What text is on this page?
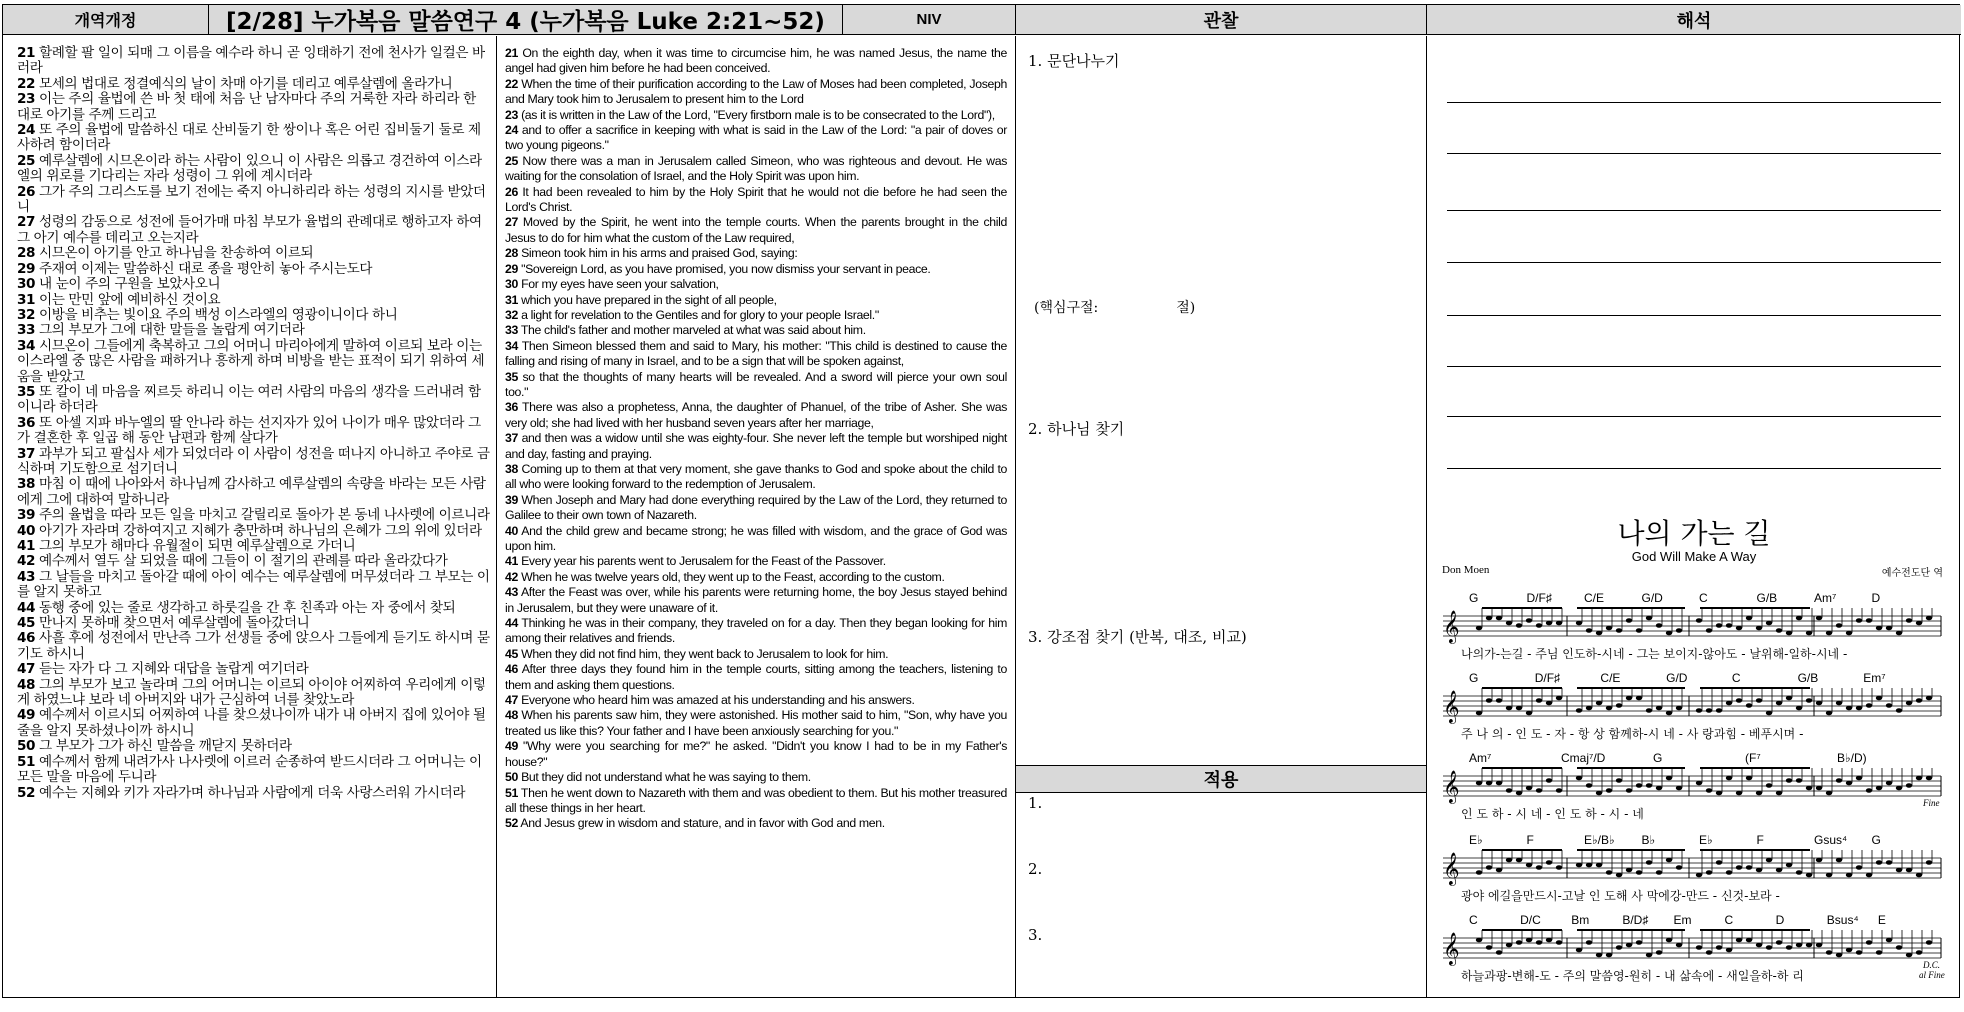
개역개정	[2/28] 누가복음 말씀연구 4 (누가복음 Luke 2:21~52)	NIV	관찰	해석
21 할례할 팔 일이 되매 그 이름을 예수라 하니 곧 잉태하기 전에 천사가 일컬은 바러라
22 모세의 법대로 정결예식의 날이 차매 아기를 데리고 예루살렘에 올라가니
23 이는 주의 율법에 쓴 바 첫 태에 처음 난 남자마다 주의 거룩한 자라 하리라 한 대로 아기를 주께 드리고
24 또 주의 율법에 말씀하신 대로 산비둘기 한 쌍이나 혹은 어린 집비둘기 둘로 제사하려 함이더라
25 예루살렘에 시므온이라 하는 사람이 있으니 이 사람은 의롭고 경건하여 이스라엘의 위로를 기다리는 자라 성령이 그 위에 계시더라
26 그가 주의 그리스도를 보기 전에는 죽지 아니하리라 하는 성령의 지시를 받았더니
27 성령의 감동으로 성전에 들어가매 마침 부모가 율법의 관례대로 행하고자 하여 그 아기 예수를 데리고 오는지라
28 시므온이 아기를 안고 하나님을 찬송하여 이르되
29 주재여 이제는 말씀하신 대로 종을 평안히 놓아 주시는도다
30 내 눈이 주의 구원을 보았사오니
31 이는 만민 앞에 예비하신 것이요
32 이방을 비추는 빛이요 주의 백성 이스라엘의 영광이니이다 하니
33 그의 부모가 그에 대한 말들을 놀랍게 여기더라
34 시므온이 그들에게 축복하고 그의 어머니 마리아에게 말하여 이르되 보라 이는 이스라엘 중 많은 사람을 패하거나 흥하게 하며 비방을 받는 표적이 되기 위하여 세움을 받았고
35 또 칼이 네 마음을 찌르듯 하리니 이는 여러 사람의 마음의 생각을 드러내려 함이니라 하더라
36 또 아셀 지파 바누엘의 딸 안나라 하는 선지자가 있어 나이가 매우 많았더라 그가 결혼한 후 일곱 해 동안 남편과 함께 살다가
37 과부가 되고 팔십사 세가 되었더라 이 사람이 성전을 떠나지 아니하고 주야로 금식하며 기도함으로 섬기더니
38 마침 이 때에 나아와서 하나님께 감사하고 예루살렘의 속량을 바라는 모든 사람에게 그에 대하여 말하니라
39 주의 율법을 따라 모든 일을 마치고 갈릴리로 돌아가 본 동네 나사렛에 이르니라
40 아기가 자라며 강하여지고 지혜가 충만하며 하나님의 은혜가 그의 위에 있더라
41 그의 부모가 해마다 유월절이 되면 예루살렘으로 가더니
42 예수께서 열두 살 되었을 때에 그들이 이 절기의 관례를 따라 올라갔다가
43 그 날들을 마치고 돌아갈 때에 아이 예수는 예루살렘에 머무셨더라 그 부모는 이를 알지 못하고
44 동행 중에 있는 줄로 생각하고 하룻길을 간 후 친족과 아는 자 중에서 찾되
45 만나지 못하매 찾으면서 예루살렘에 돌아갔더니
46 사흘 후에 성전에서 만난즉 그가 선생들 중에 앉으사 그들에게 듣기도 하시며 묻기도 하시니
47 듣는 자가 다 그 지혜와 대답을 놀랍게 여기더라
48 그의 부모가 보고 놀라며 그의 어머니는 이르되 아이야 어찌하여 우리에게 이렇게 하였느냐 보라 네 아버지와 내가 근심하여 너를 찾았노라
49 예수께서 이르시되 어찌하여 나를 찾으셨나이까 내가 내 아버지 집에 있어야 될 줄을 알지 못하셨나이까 하시니
50 그 부모가 그가 하신 말씀을 깨닫지 못하더라
51 예수께서 함께 내려가사 나사렛에 이르러 순종하여 받드시더라 그 어머니는 이 모든 말을 마음에 두니라
52 예수는 지혜와 키가 자라가며 하나님과 사람에게 더욱 사랑스러워 가시더라
21 On the eighth day, when it was time to circumcise him, he was named Jesus, the name the angel had given him before he had been conceived.
22 When the time of their purification according to the Law of Moses had been completed, Joseph and Mary took him to Jerusalem to present him to the Lord
23 (as it is written in the Law of the Lord, "Every firstborn male is to be consecrated to the Lord"),
24 and to offer a sacrifice in keeping with what is said in the Law of the Lord: "a pair of doves or two young pigeons."
25 Now there was a man in Jerusalem called Simeon, who was righteous and devout. He was waiting for the consolation of Israel, and the Holy Spirit was upon him.
26 It had been revealed to him by the Holy Spirit that he would not die before he had seen the Lord's Christ.
27 Moved by the Spirit, he went into the temple courts. When the parents brought in the child Jesus to do for him what the custom of the Law required,
28 Simeon took him in his arms and praised God, saying:
29 "Sovereign Lord, as you have promised, you now dismiss your servant in peace.
30 For my eyes have seen your salvation,
31 which you have prepared in the sight of all people,
32 a light for revelation to the Gentiles and for glory to your people Israel."
33 The child's father and mother marveled at what was said about him.
34 Then Simeon blessed them and said to Mary, his mother: "This child is destined to cause the falling and rising of many in Israel, and to be a sign that will be spoken against,
35 so that the thoughts of many hearts will be revealed. And a sword will pierce your own soul too."
36 There was also a prophetess, Anna, the daughter of Phanuel, of the tribe of Asher. She was very old; she had lived with her husband seven years after her marriage,
37 and then was a widow until she was eighty-four. She never left the temple but worshiped night and day, fasting and praying.
38 Coming up to them at that very moment, she gave thanks to God and spoke about the child to all who were looking forward to the redemption of Jerusalem.
39 When Joseph and Mary had done everything required by the Law of the Lord, they returned to Galilee to their own town of Nazareth.
40 And the child grew and became strong; he was filled with wisdom, and the grace of God was upon him.
41 Every year his parents went to Jerusalem for the Feast of the Passover.
42 When he was twelve years old, they went up to the Feast, according to the custom.
43 After the Feast was over, while his parents were returning home, the boy Jesus stayed behind in Jerusalem, but they were unaware of it.
44 Thinking he was in their company, they traveled on for a day. Then they began looking for him among their relatives and friends.
45 When they did not find him, they went back to Jerusalem to look for him.
46 After three days they found him in the temple courts, sitting among the teachers, listening to them and asking them questions.
47 Everyone who heard him was amazed at his understanding and his answers.
48 When his parents saw him, they were astonished. His mother said to him, "Son, why have you treated us like this? Your father and I have been anxiously searching for you."
49 "Why were you searching for me?" he asked. "Didn't you know I had to be in my Father's house?"
50 But they did not understand what he was saying to them.
51 Then he went down to Nazareth with them and was obedient to them. But his mother treasured all these things in her heart.
52 And Jesus grew in wisdom and stature, and in favor with God and men.
1. 문단나누기
(핵심구절:	절)
2. 하나님 찾기
3. 강조점 찾기 (반복, 대조, 비교)
적용
1.
2.
3.
나의 가는 길
God Will Make A Way
Don Moen	예수전도단 역
𝄞
G	D/F♯	C/E	G/D	C	G/B	Am⁷	D
나의가-는길 - 주님 인도하-시네 - 그는 보이지-않아도 - 날위해-일하-시네 -
𝄞
G	D/F♯	C/E	G/D	C	G/B	Em⁷
주 나 의 - 인 도 - 자 - 항 상 함께하-시 네 - 사 랑과힘 - 베푸시며 -
𝄞
Am⁷	Cmaj⁷/D	G	(F⁷	B♭/D)
인 도 하 - 시 네 - 인 도 하 - 시 - 네
𝄞
E♭	F	E♭/B♭ B♭	E♭	F	Gsus⁴ G
광야 에길을만드시-고날 인 도해 사 막에강-만드 - 신것-보라 -
𝄞
C	D/C	Bm	B/D♯ Em	C	D	Bsus⁴ E
하늘과팡-변해-도 - 주의 말씀영-원히 - 내 삶속에 - 새일을하-하 리
Fine
D.C.
al Fine
